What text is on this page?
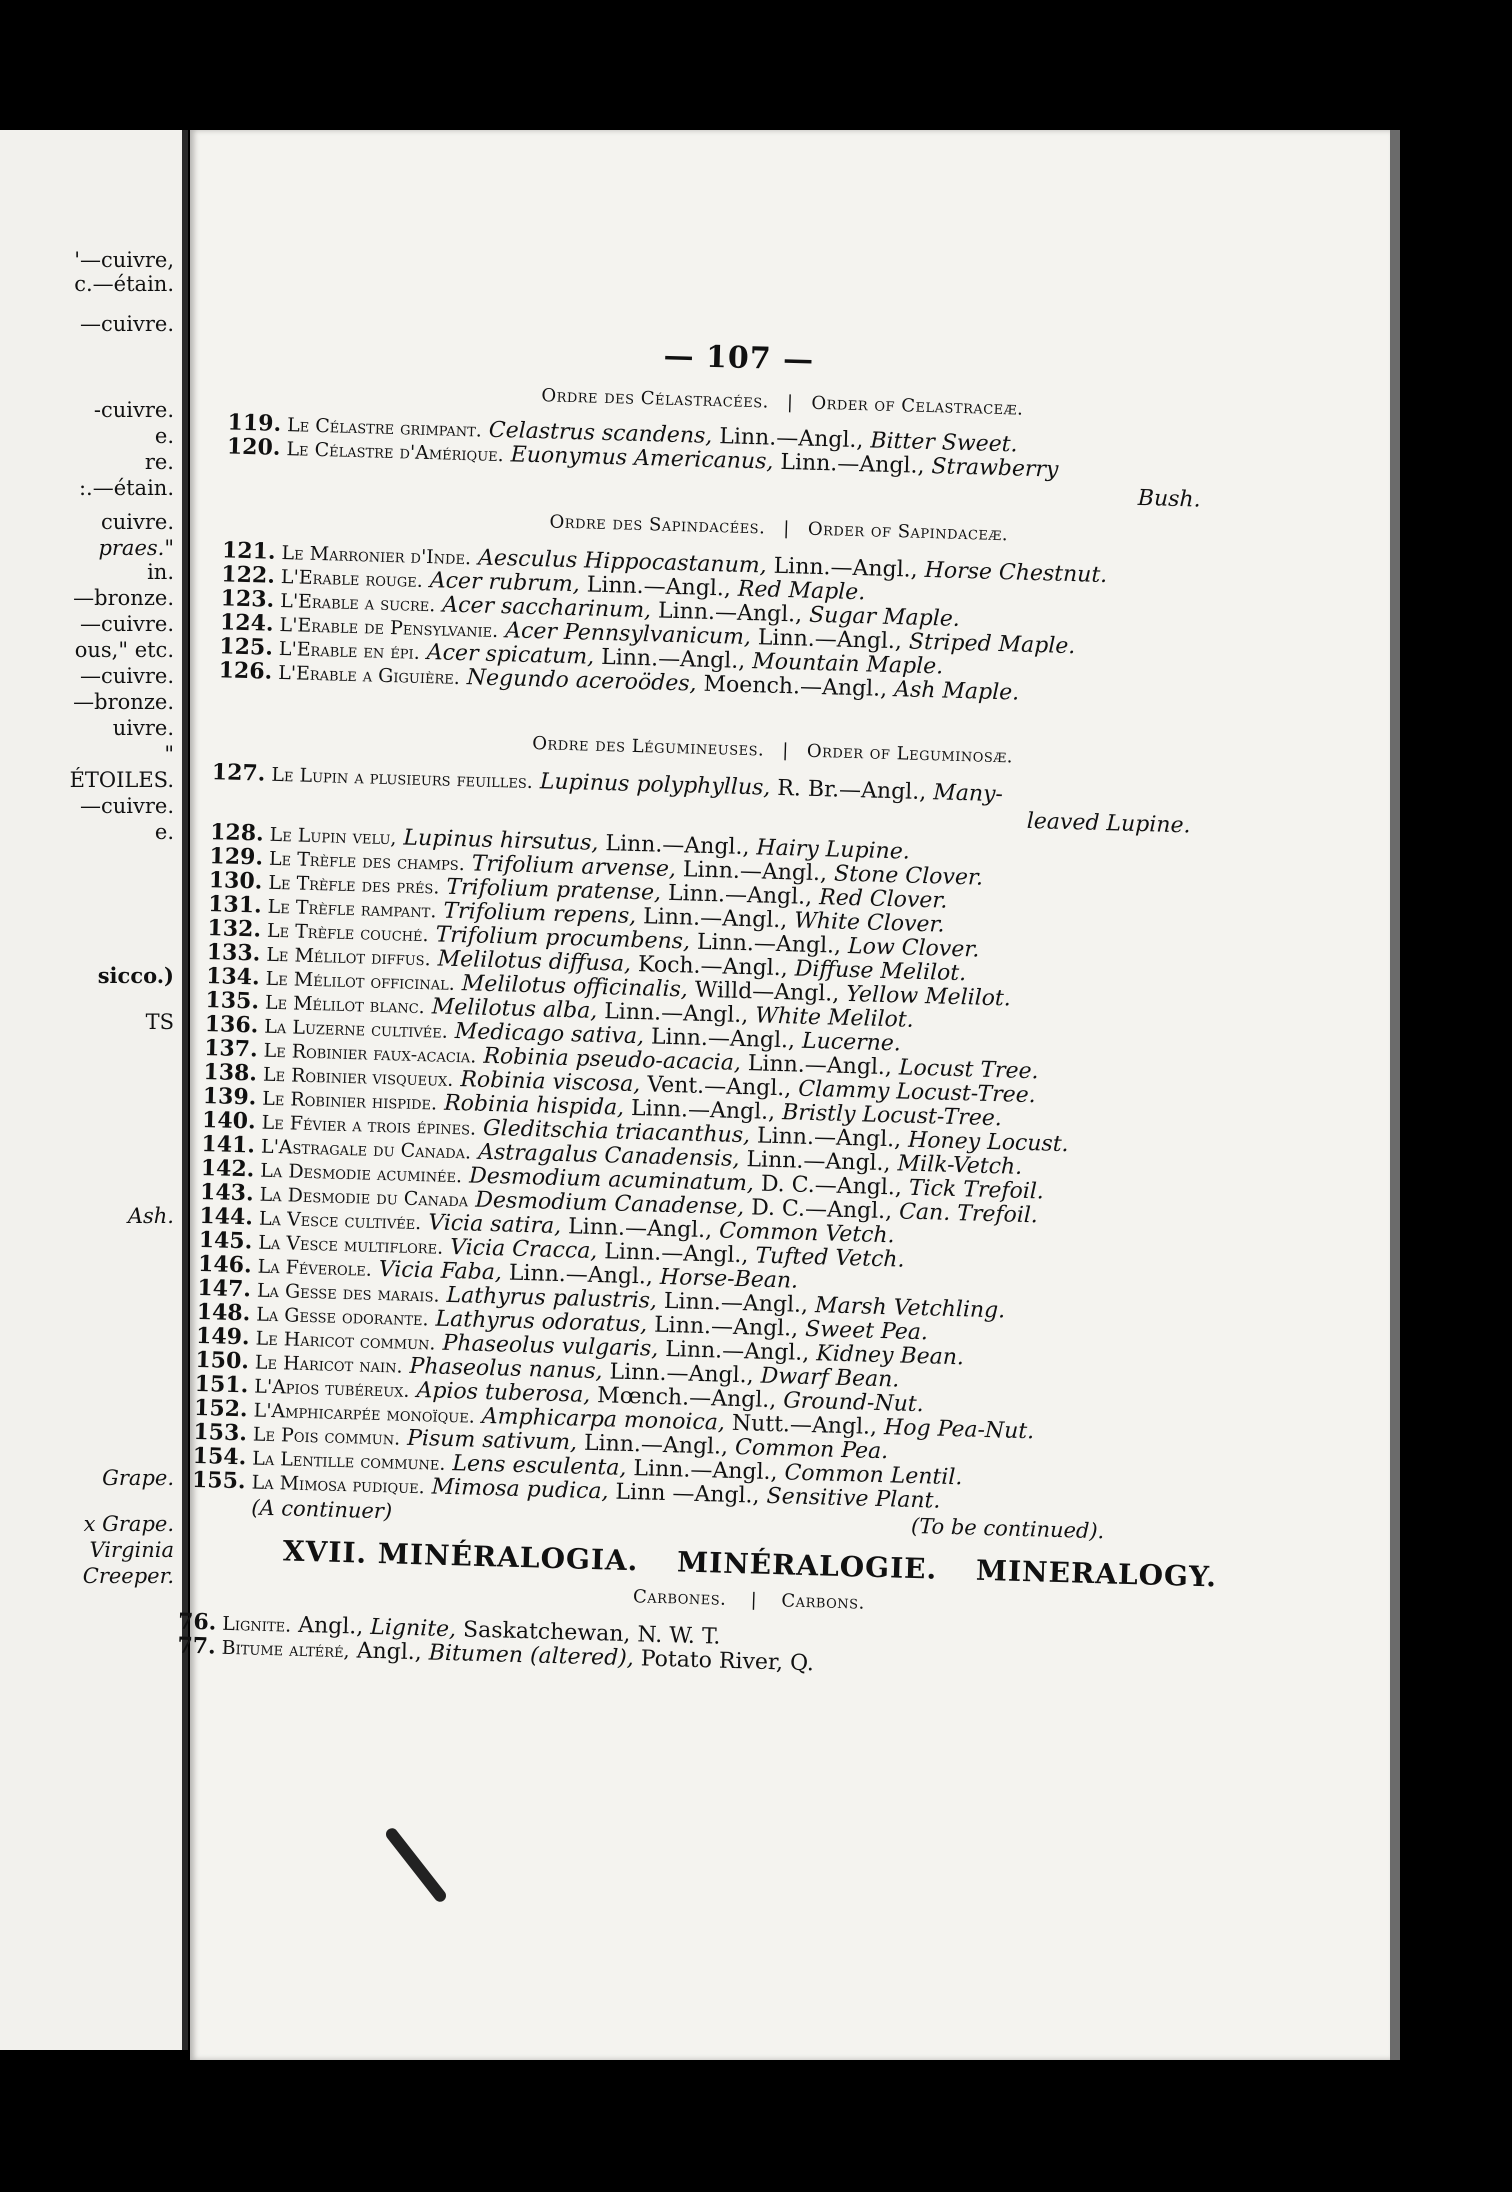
'—cuivre,
c.—étain.
—cuivre.
-cuivre.
e.
re.
:.—étain.
cuivre.
praes."
in.
—bronze.
—cuivre.
ous," etc.
—cuivre.
—bronze.
uivre.
"
ÉTOILES.
—cuivre.
e.
sicco.)
TS
Ash.
Grape.
x Grape.
Virginia
Creeper.
— 107 —
Ordre des Célastracées. | Order of Celastraceæ.
Ordre des Sapindacées. | Order of Sapindaceæ.
Ordre des Légumineuses. | Order of Leguminosæ.
119. Le Célastre grimpant. Celastrus scandens, Linn.—Angl., Bitter Sweet.
120. Le Célastre d'Amérique. Euonymus Americanus, Linn.—Angl., Strawberry
121. Le Marronier d'Inde. Aesculus Hippocastanum, Linn.—Angl., Horse Chestnut.
122. L'Erable rouge. Acer rubrum, Linn.—Angl., Red Maple.
123. L'Erable a sucre. Acer saccharinum, Linn.—Angl., Sugar Maple.
124. L'Erable de Pensylvanie. Acer Pennsylvanicum, Linn.—Angl., Striped Maple.
125. L'Erable en épi. Acer spicatum, Linn.—Angl., Mountain Maple.
126. L'Erable a Giguière. Negundo aceroödes, Moench.—Angl., Ash Maple.
127. Le Lupin a plusieurs feuilles. Lupinus polyphyllus, R. Br.—Angl., Many-
128. Le Lupin velu, Lupinus hirsutus, Linn.—Angl., Hairy Lupine.
129. Le Trèfle des champs. Trifolium arvense, Linn.—Angl., Stone Clover.
130. Le Trèfle des prés. Trifolium pratense, Linn.—Angl., Red Clover.
131. Le Trèfle rampant. Trifolium repens, Linn.—Angl., White Clover.
132. Le Trèfle couché. Trifolium procumbens, Linn.—Angl., Low Clover.
133. Le Mélilot diffus. Melilotus diffusa, Koch.—Angl., Diffuse Melilot.
134. Le Mélilot officinal. Melilotus officinalis, Willd—Angl., Yellow Melilot.
135. Le Mélilot blanc. Melilotus alba, Linn.—Angl., White Melilot.
136. La Luzerne cultivée. Medicago sativa, Linn.—Angl., Lucerne.
137. Le Robinier faux-acacia. Robinia pseudo-acacia, Linn.—Angl., Locust Tree.
138. Le Robinier visqueux. Robinia viscosa, Vent.—Angl., Clammy Locust-Tree.
139. Le Robinier hispide. Robinia hispida, Linn.—Angl., Bristly Locust-Tree.
140. Le Févier a trois épines. Gleditschia triacanthus, Linn.—Angl., Honey Locust.
141. L'Astragale du Canada. Astragalus Canadensis, Linn.—Angl., Milk-Vetch.
142. La Desmodie acuminée. Desmodium acuminatum, D. C.—Angl., Tick Trefoil.
143. La Desmodie du Canada Desmodium Canadense, D. C.—Angl., Can. Trefoil.
144. La Vesce cultivée. Vicia satira, Linn.—Angl., Common Vetch.
145. La Vesce multiflore. Vicia Cracca, Linn.—Angl., Tufted Vetch.
146. La Féverole. Vicia Faba, Linn.—Angl., Horse-Bean.
147. La Gesse des marais. Lathyrus palustris, Linn.—Angl., Marsh Vetchling.
148. La Gesse odorante. Lathyrus odoratus, Linn.—Angl., Sweet Pea.
149. Le Haricot commun. Phaseolus vulgaris, Linn.—Angl., Kidney Bean.
150. Le Haricot nain. Phaseolus nanus, Linn.—Angl., Dwarf Bean.
151. L'Apios tubéreux. Apios tuberosa, Mœnch.—Angl., Ground-Nut.
152. L'Amphicarpée monoïque. Amphicarpa monoica, Nutt.—Angl., Hog Pea-Nut.
153. Le Pois commun. Pisum sativum, Linn.—Angl., Common Pea.
154. La Lentille commune. Lens esculenta, Linn.—Angl., Common Lentil.
155. La Mimosa pudique. Mimosa pudica, Linn —Angl., Sensitive Plant.
Bush.
leaved Lupine.
(A continuer)
(To be continued).
XVII. MINÉRALOGIA. MINÉRALOGIE. MINERALOGY.
Carbones. | Carbons.
76. Lignite. Angl., Lignite, Saskatchewan, N. W. T.
77. Bitume altéré, Angl., Bitumen (altered), Potato River, Q.
